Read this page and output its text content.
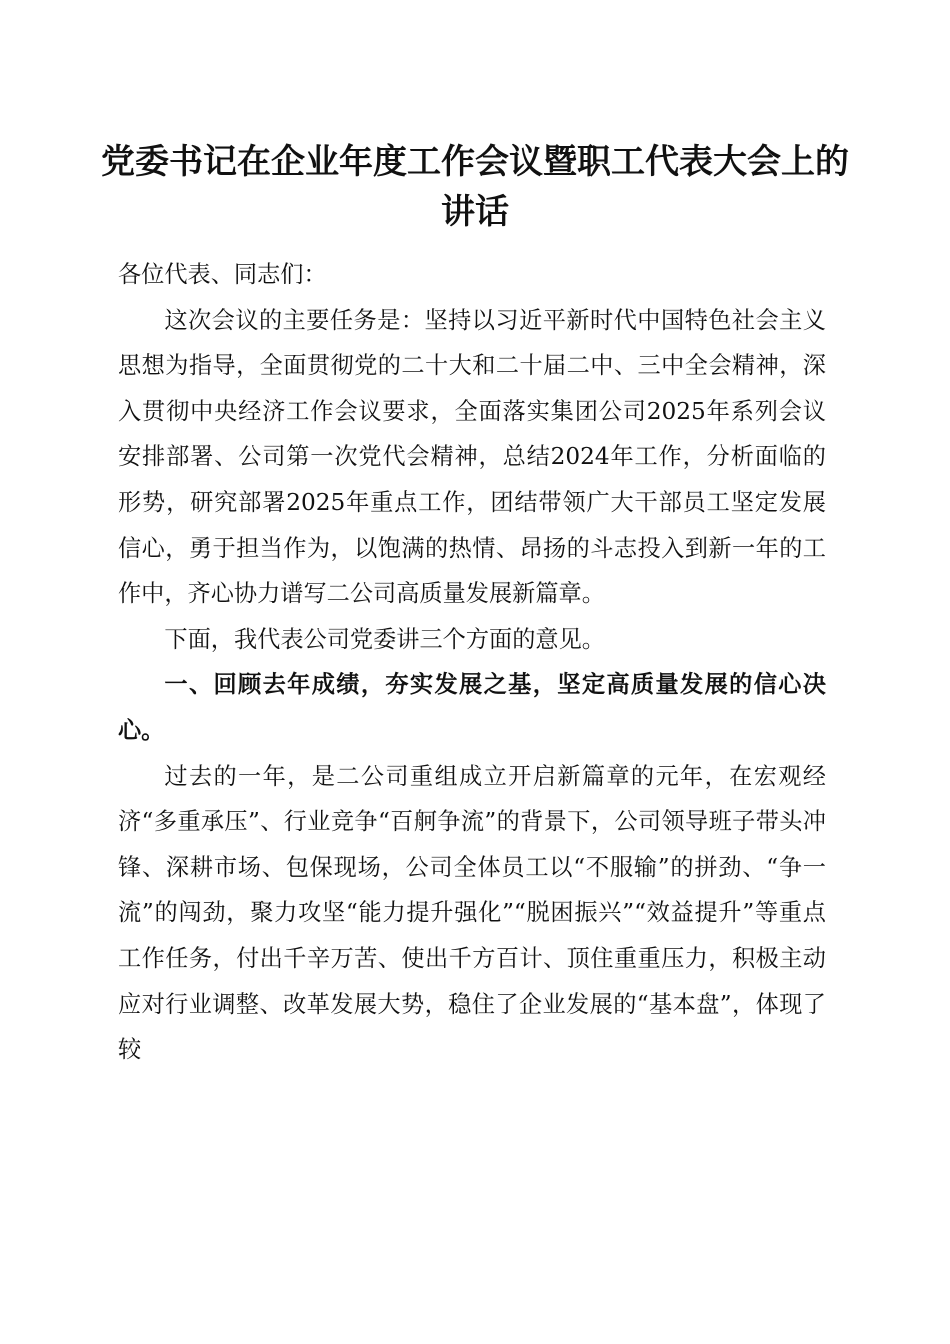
党委书记在企业年度工作会议暨职工代表大会上的讲话

各位代表、同志们：

这次会议的主要任务是：坚持以习近平新时代中国特色社会主义思想为指导，全面贯彻党的二十大和二十届二中、三中全会精神，深入贯彻中央经济工作会议要求，全面落实集团公司2025年系列会议安排部署、公司第一次党代会精神，总结2024年工作，分析面临的形势，研究部署2025年重点工作，团结带领广大干部员工坚定发展信心，勇于担当作为，以饱满的热情、昂扬的斗志投入到新一年的工作中，齐心协力谱写二公司高质量发展新篇章。

下面，我代表公司党委讲三个方面的意见。

一、回顾去年成绩，夯实发展之基，坚定高质量发展的信心决心。

过去的一年，是二公司重组成立开启新篇章的元年，在宏观经济“多重承压”、行业竞争“百舸争流”的背景下，公司领导班子带头冲锋、深耕市场、包保现场，公司全体员工以“不服输”的拼劲、“争一流”的闯劲，聚力攻坚“能力提升强化”“脱困振兴”“效益提升”等重点工作任务，付出千辛万苦、使出千方百计、顶住重重压力，积极主动应对行业调整、改革发展大势，稳住了企业发展的“基本盘”，体现了较
